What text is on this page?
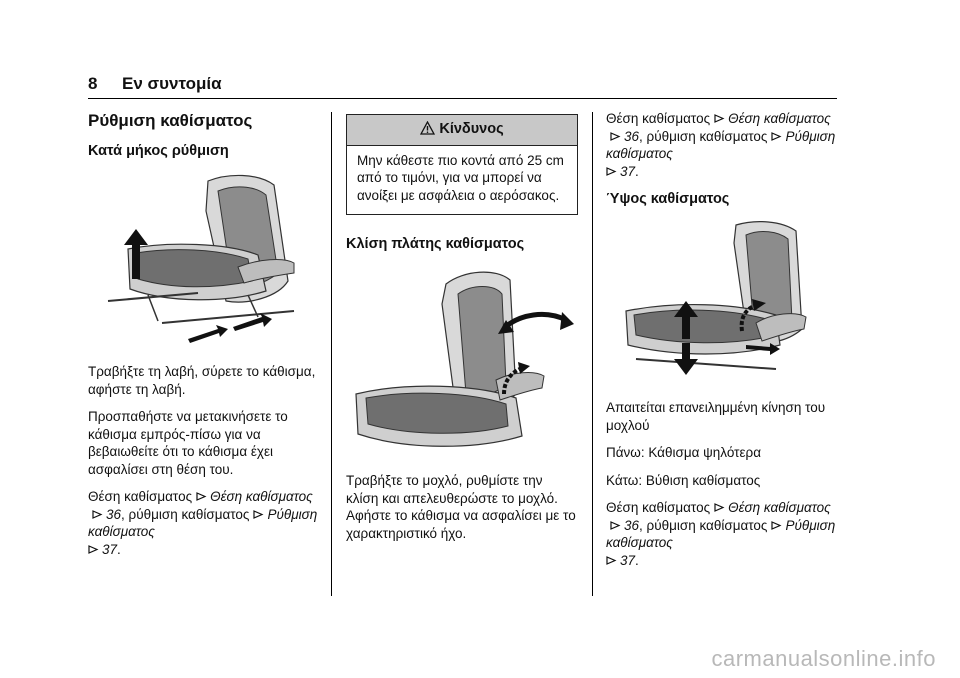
8 Εν συντομία
Ρύθμιση καθίσματος
Κατά μήκος ρύθμιση

Τραβήξτε τη λαβή, σύρετε το κάθισμα, αφήστε τη λαβή.

Προσπαθήστε να μετακινήσετε το κάθισμα εμπρός-πίσω για να βεβαιωθείτε ότι το κάθισμα έχει ασφαλίσει στη θέση του.

Θέση καθίσματος Θέση καθίσματος36, ρύθμιση καθίσματος Ρύθμιση καθίσματος
37.

Κίνδυνος
Μην κάθεστε πιο κοντά από 25 cm από το τιμόνι, για να μπορεί να ανοίξει με ασφάλεια ο αερόσακος.
Κλίση πλάτης καθίσματος

Τραβήξτε το μοχλό, ρυθμίστε την κλίση και απελευθερώστε το μοχλό. Αφήστε το κάθισμα να ασφαλίσει με το χαρακτηριστικό ήχο.

Θέση καθίσματος Θέση καθίσματος36, ρύθμιση καθίσματος Ρύθμιση καθίσματος
37.

Ύψος καθίσματος

Απαιτείται επανειλημμένη κίνηση του μοχλού

Πάνω: Κάθισμα ψηλότερα

Κάτω: Βύθιση καθίσματος

Θέση καθίσματος Θέση καθίσματος36, ρύθμιση καθίσματος Ρύθμιση καθίσματος
37.

carmanualsonline.info
